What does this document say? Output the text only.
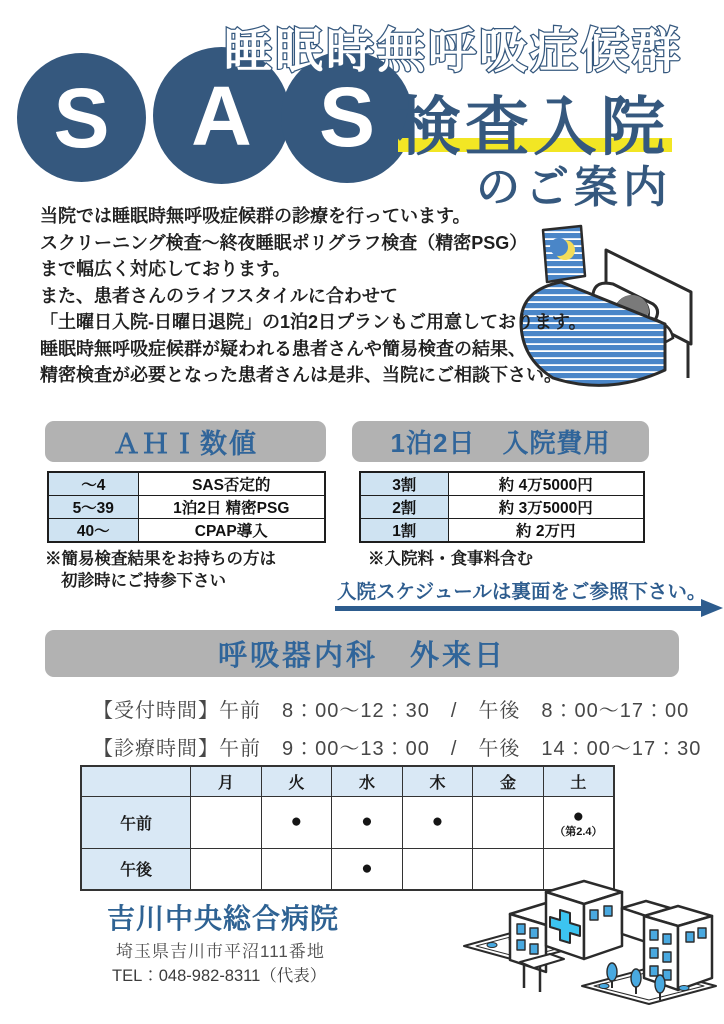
S A S
睡眠時無呼吸症候群
検査入院
のご案内
当院では睡眠時無呼吸症候群の診療を行っています。
スクリーニング検査～終夜睡眠ポリグラフ検査（精密PSG）
まで幅広く対応しております。
また、患者さんのライフスタイルに合わせて
「土曜日入院-日曜日退院」の1泊2日プランもご用意しております。
睡眠時無呼吸症候群が疑われる患者さんや簡易検査の結果、
精密検査が必要となった患者さんは是非、当院にご相談下さい。
ＡＨＩ数値
～4	SAS否定的
5～39	1泊2日 精密PSG
40～	CPAP導入
※簡易検査結果をお持ちの方は
初診時にご持参下さい
1泊2日　入院費用
3割	約 4万5000円
2割	約 3万5000円
1割	約 2万円
※入院料・食事料含む
入院スケジュールは裏面をご参照下さい。
呼吸器内科　外来日
【受付時間】午前　8：00～12：30　/　午後　8：00～17：00
【診療時間】午前　9：00～13：00　/　午後　14：00～17：30
	月	火	水	木	金	土
午前		●	●	●		●
（第2.4）

午後			●			
吉川中央総合病院
埼玉県吉川市平沼111番地
TEL：048-982-8311（代表）
